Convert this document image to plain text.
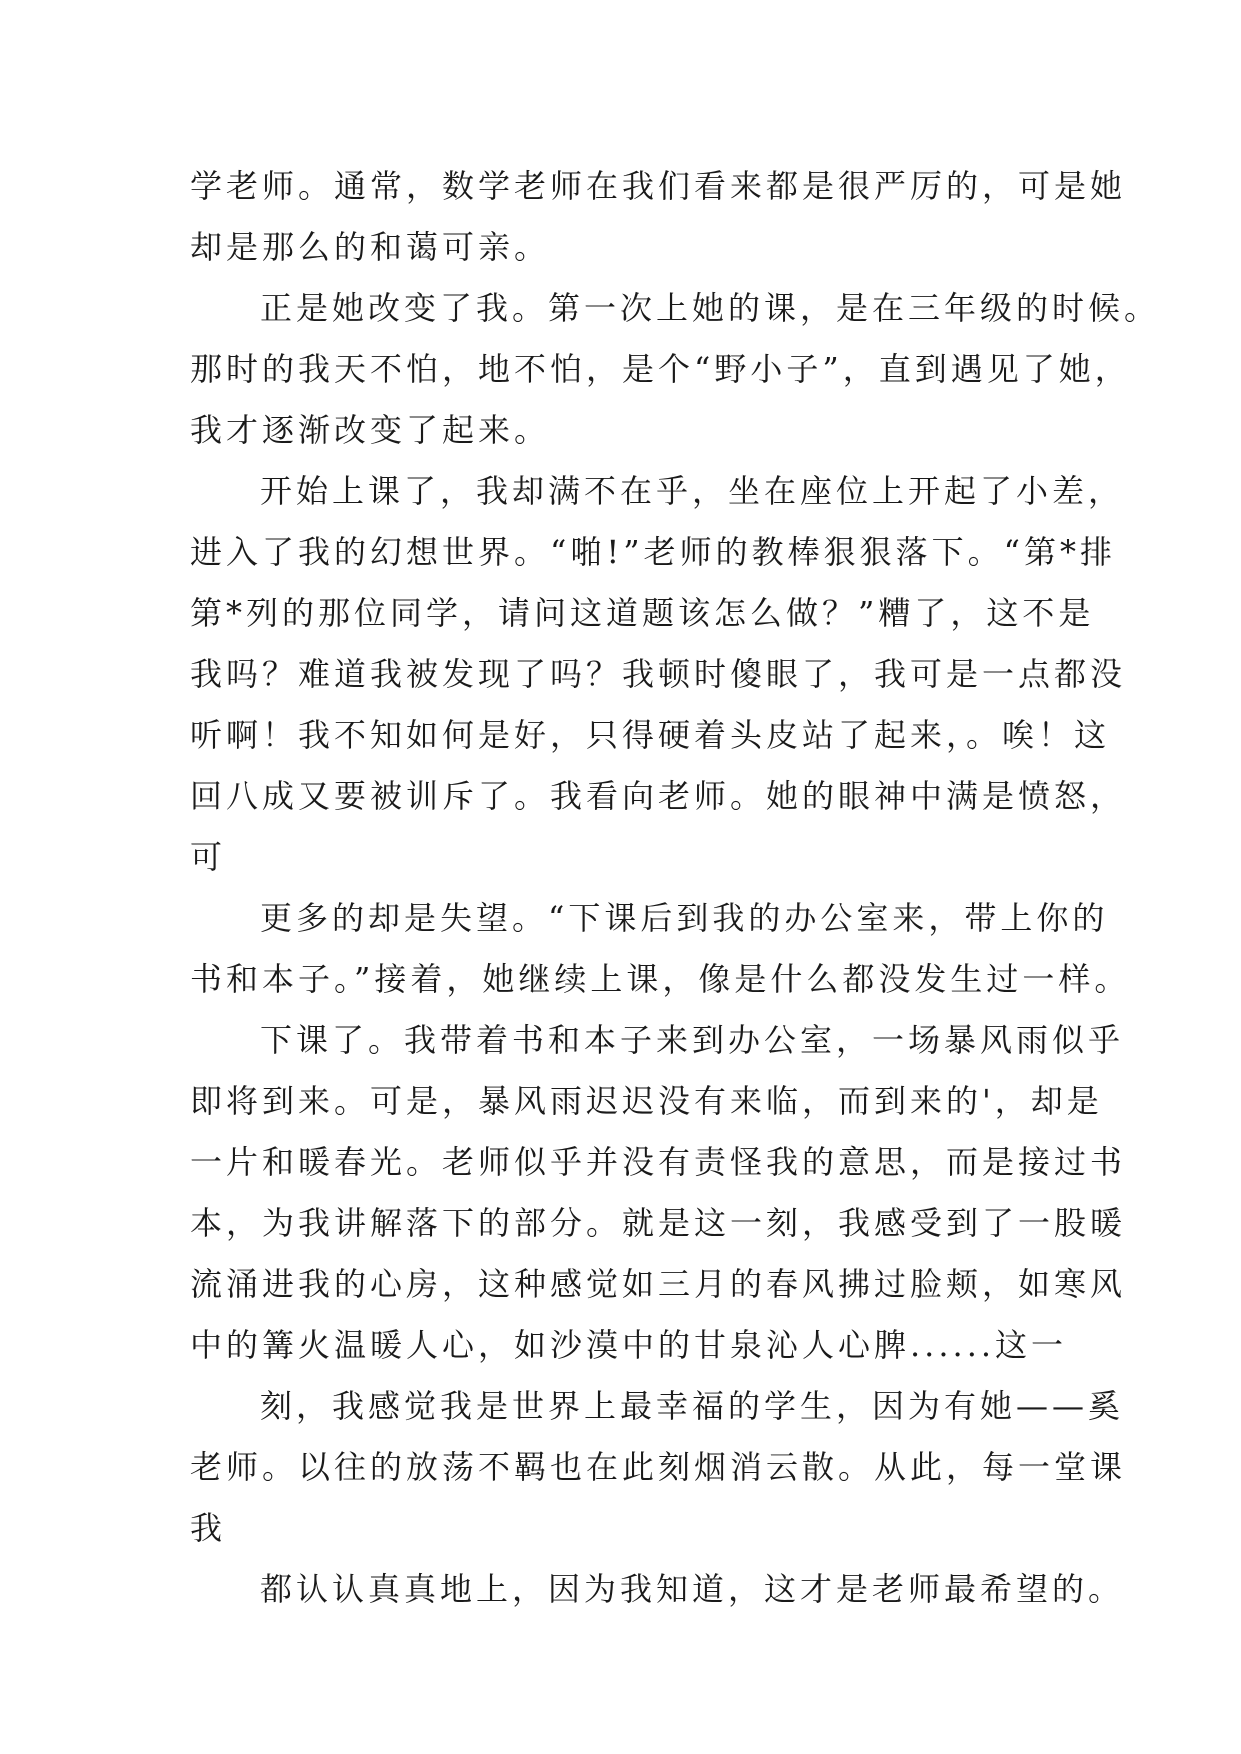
学老师。通常，数学老师在我们看来都是很严厉的，可是她
却是那么的和蔼可亲。
正是她改变了我。第一次上她的课，是在三年级的时候。
那时的我天不怕，地不怕，是个“野小子”，直到遇见了她，
我才逐渐改变了起来。
开始上课了，我却满不在乎，坐在座位上开起了小差，
进入了我的幻想世界。“啪!”老师的教棒狠狠落下。“第*排
第*列的那位同学，请问这道题该怎么做？”糟了，这不是
我吗？难道我被发现了吗？我顿时傻眼了，我可是一点都没
听啊！我不知如何是好，只得硬着头皮站了起来，。唉！这
回八成又要被训斥了。我看向老师。她的眼神中满是愤怒，
可
更多的却是失望。“下课后到我的办公室来，带上你的
书和本子。”接着，她继续上课，像是什么都没发生过一样。
下课了。我带着书和本子来到办公室，一场暴风雨似乎
即将到来。可是，暴风雨迟迟没有来临，而到来的'，却是
一片和暖春光。老师似乎并没有责怪我的意思，而是接过书
本，为我讲解落下的部分。就是这一刻，我感受到了一股暖
流涌进我的心房，这种感觉如三月的春风拂过脸颊，如寒风
中的篝火温暖人心，如沙漠中的甘泉沁人心脾......这一
刻，我感觉我是世界上最幸福的学生，因为有她——奚
老师。以往的放荡不羁也在此刻烟消云散。从此，每一堂课
我
都认认真真地上，因为我知道，这才是老师最希望的。
